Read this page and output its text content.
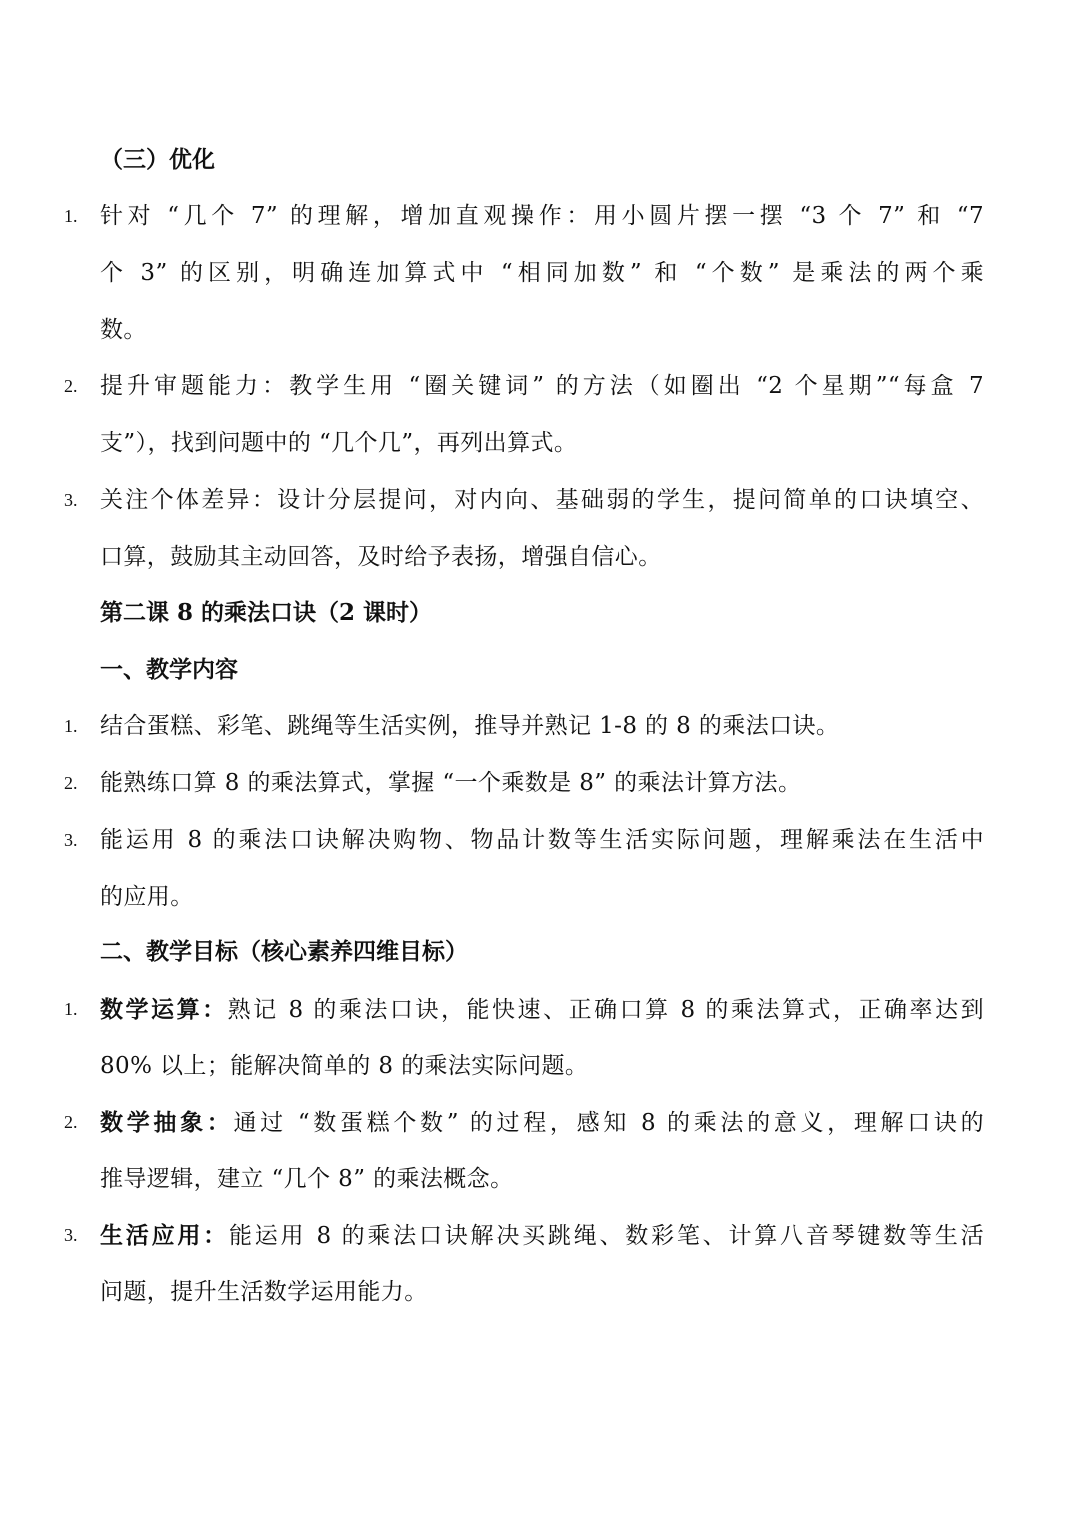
（三）优化
1. 针对 “几个 7” 的理解，增加直观操作：用小圆片摆一摆 “3 个 7” 和 “7
个 3” 的区别，明确连加算式中 “相同加数” 和 “个数” 是乘法的两个乘
数。
2. 提升审题能力：教学生用 “圈关键词” 的方法（如圈出 “2 个星期”“每盒 7
支”），找到问题中的 “几个几”，再列出算式。
3. 关注个体差异：设计分层提问，对内向、基础弱的学生，提问简单的口诀填空、
口算，鼓励其主动回答，及时给予表扬，增强自信心。
第二课 8 的乘法口诀（2 课时）
一、教学内容
1. 结合蛋糕、彩笔、跳绳等生活实例，推导并熟记 1-8 的 8 的乘法口诀。
2. 能熟练口算 8 的乘法算式，掌握 “一个乘数是 8” 的乘法计算方法。
3. 能运用 8 的乘法口诀解决购物、物品计数等生活实际问题，理解乘法在生活中
的应用。
二、教学目标（核心素养四维目标）
1. 数学运算：熟记 8 的乘法口诀，能快速、正确口算 8 的乘法算式，正确率达到
80% 以上；能解决简单的 8 的乘法实际问题。
2. 数学抽象：通过 “数蛋糕个数” 的过程，感知 8 的乘法的意义，理解口诀的
推导逻辑，建立 “几个 8” 的乘法概念。
3. 生活应用：能运用 8 的乘法口诀解决买跳绳、数彩笔、计算八音琴键数等生活
问题，提升生活数学运用能力。
